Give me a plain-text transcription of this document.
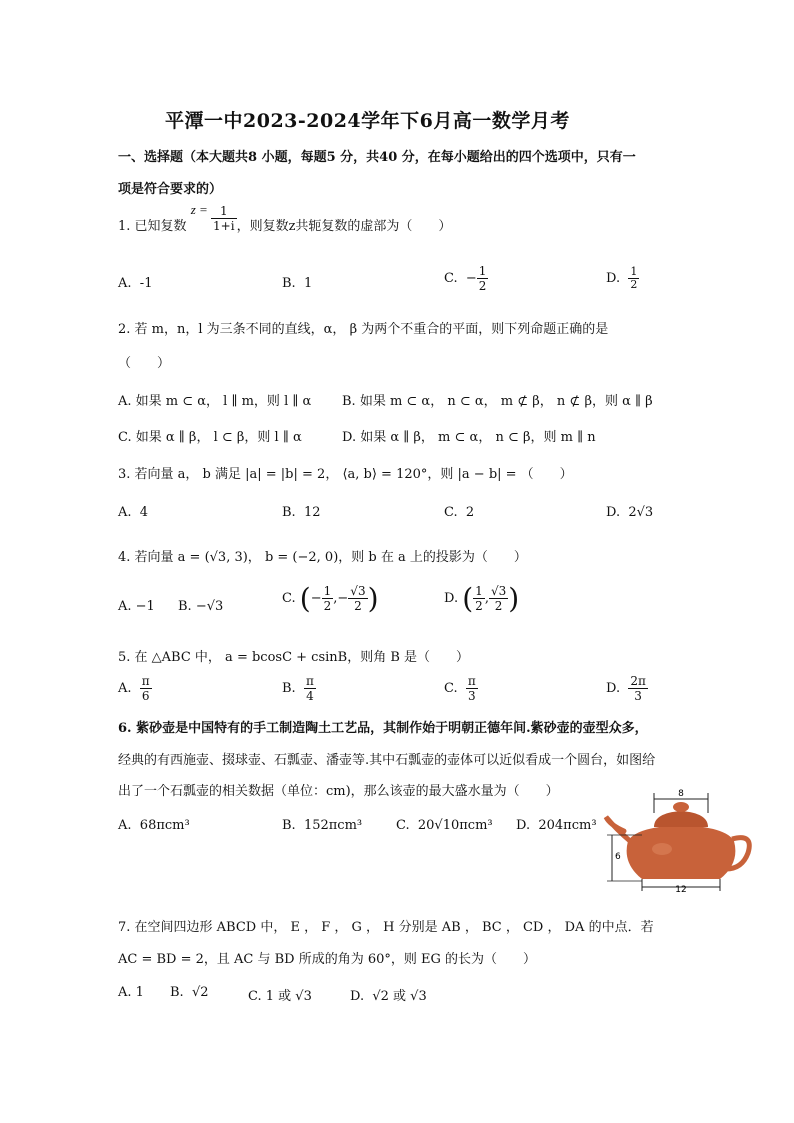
平潭一中2023-2024学年下6月高一数学月考
一、选择题（本大题共8 小题，每题5 分，共40 分，在每小题给出的四个选项中，只有一
项是符合要求的）
1. 已知复数 $z = \frac{1}{1+i}$ ，则复数z共轭复数的虚部为（　　）
A. -1	B. 1	C. − $\frac{1}{2}$	D. $\frac{1}{2}$
2. 若 m，n，l 为三条不同的直线，α， β 为两个不重合的平面，则下列命题正确的是
（　　）
A. 如果 m ⊂ α， l ∥ m，则 l ∥ α B. 如果 m ⊂ α， n ⊂ α， m ⊄ β， n ⊄ β，则 α ∥ β
C. 如果 α ∥ β， l ⊂ β，则 l ∥ α	D. 如果 α ∥ β， m ⊂ α， n ⊂ β，则 m ∥ n
3. 若向量 a， b 满足 |a| = |b| = 2， ⟨a, b⟩ = 120°，则 |a − b| = （　　）
A. 4	B. 12	C. 2	D. 2√3
4. 若向量 a = (√3, 3)， b = (−2, 0)，则 b 在 a 上的投影为（　　）
A. −1 B. −√3
C. (− $\frac{1}{2}$ ,− $\frac{√3}{2}$ )	D. ( $\frac{1}{2}$ , $\frac{√3}{2}$ )
5. 在 △ABC 中， a = bcosC + csinB，则角 B 是（　　）
A. $\frac{\pi}{6}$	B. $\frac{\pi}{4}$	C. $\frac{\pi}{3}$	D. $\frac{2\pi}{3}$
6. 紫砂壶是中国特有的手工制造陶土工艺品，其制作始于明朝正德年间.紫砂壶的壶型众多，
经典的有西施壶、掇球壶、石瓢壶、潘壶等.其中石瓢壶的壶体可以近似看成一个圆台，如图给
出了一个石瓢壶的相关数据（单位：cm)，那么该壶的最大盛水量为（　　）
A. 68πcm³	B. 152πcm³	C. 20√10πcm³ D. 204πcm³
8
6
12
7. 在空间四边形 ABCD 中， E ， F ， G ， H 分别是 AB ， BC ， CD ， DA 的中点．若
AC = BD = 2，且 AC 与 BD 所成的角为 60°，则 EG 的长为（　　）
A. 1 B. √2	C. 1 或 √3	D. √2 或 √3
